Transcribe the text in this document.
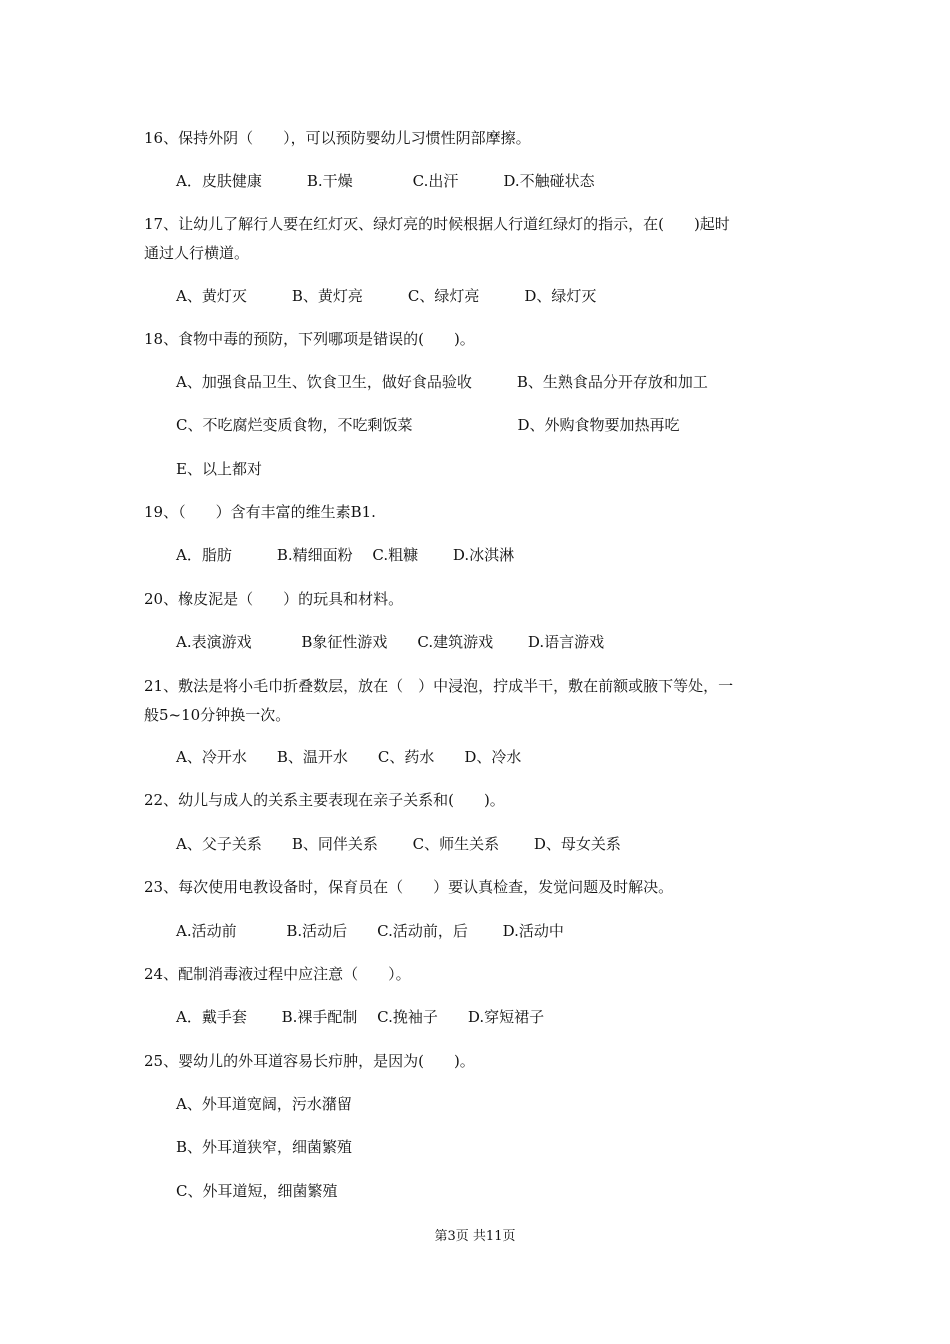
16、保持外阴（　　），可以预防婴幼儿习惯性阴部摩擦。
A．皮肤健康　　　B.干燥　　　　C.出汗　　　D.不触碰状态
17、让幼儿了解行人要在红灯灭、绿灯亮的时候根据人行道红绿灯的指示，在(　　)起时
通过人行横道。
A、黄灯灭　　　B、黄灯亮　　　C、绿灯亮　　　D、绿灯灭
18、食物中毒的预防，下列哪项是错误的(　　)。
A、加强食品卫生、饮食卫生，做好食品验收　　　B、生熟食品分开存放和加工
C、不吃腐烂变质食物，不吃剩饭菜　　　　　　　D、外购食物要加热再吃
E、以上都对
19、（　　）含有丰富的维生素B1.
A．脂肪　　　B.精细面粉　 C.粗糠　　 D.冰淇淋
20、橡皮泥是（　　）的玩具和材料。
A.表演游戏　　　 B象征性游戏　　C.建筑游戏　　 D.语言游戏
21、敷法是将小毛巾折叠数层，放在（　）中浸泡，拧成半干，敷在前额或腋下等处，一
般5~10分钟换一次。
A、冷开水　　B、温开水　　C、药水　　D、冷水
22、幼儿与成人的关系主要表现在亲子关系和(　　)。
A、父子关系　　B、同伴关系　　 C、师生关系　　 D、母女关系
23、每次使用电教设备时，保育员在（　　）要认真检查，发觉问题及时解决。
A.活动前　　　 B.活动后　　C.活动前，后　　 D.活动中
24、配制消毒液过程中应注意（　　）。
A．戴手套　　 B.裸手配制　 C.挽袖子　　D.穿短裙子
25、婴幼儿的外耳道容易长疖肿，是因为(　　)。
A、外耳道宽阔，污水潴留
B、外耳道狭窄，细菌繁殖
C、外耳道短，细菌繁殖
第3页 共11页
